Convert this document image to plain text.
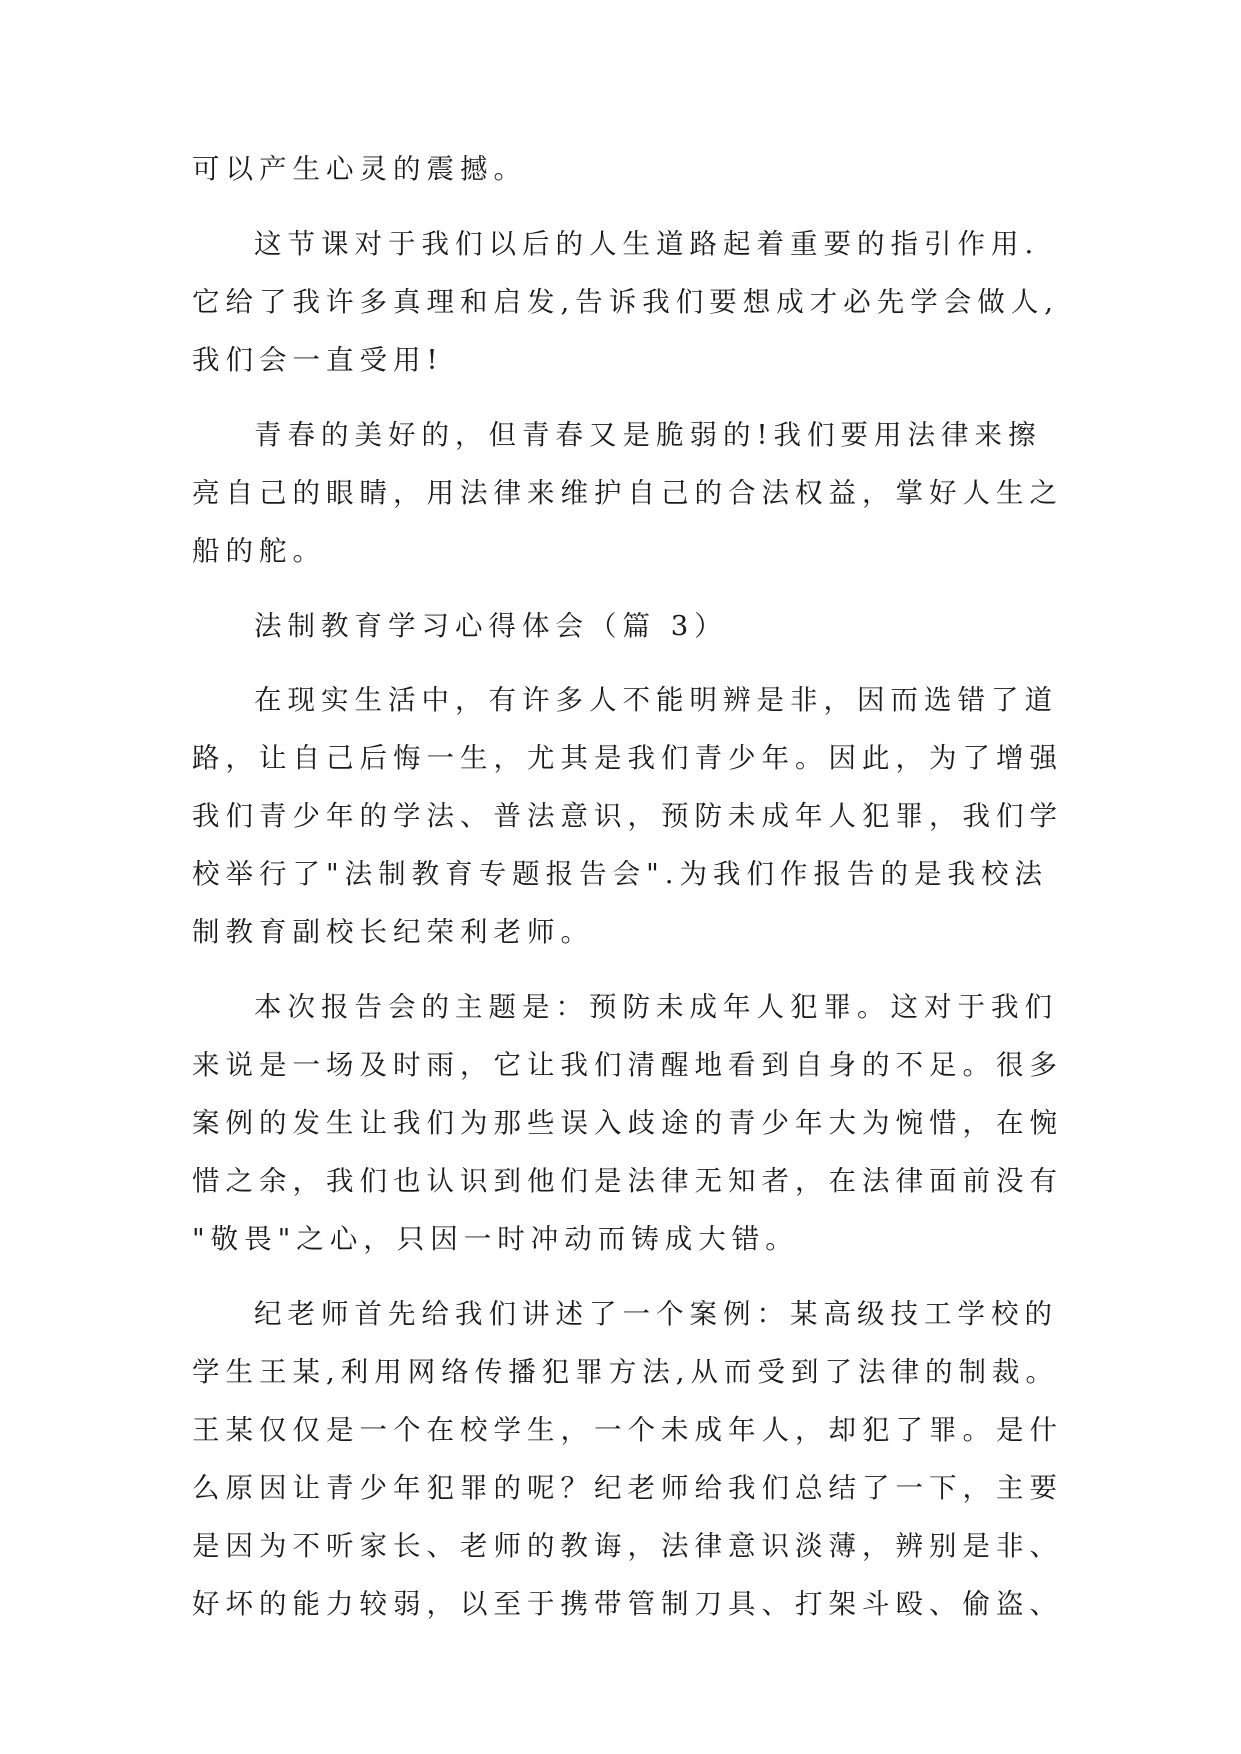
可以产生心灵的震撼。
这节课对于我们以后的人生道路起着重要的指引作用.
它给了我许多真理和启发,告诉我们要想成才必先学会做人,
我们会一直受用!
青春的美好的，但青春又是脆弱的!我们要用法律来擦
亮自己的眼睛，用法律来维护自己的合法权益，掌好人生之
船的舵。
法制教育学习心得体会（篇 3）
在现实生活中，有许多人不能明辨是非，因而选错了道
路，让自己后悔一生，尤其是我们青少年。因此，为了增强
我们青少年的学法、普法意识，预防未成年人犯罪，我们学
校举行了"法制教育专题报告会".为我们作报告的是我校法
制教育副校长纪荣利老师。
本次报告会的主题是：预防未成年人犯罪。这对于我们
来说是一场及时雨，它让我们清醒地看到自身的不足。很多
案例的发生让我们为那些误入歧途的青少年大为惋惜，在惋
惜之余，我们也认识到他们是法律无知者，在法律面前没有
"敬畏"之心，只因一时冲动而铸成大错。
纪老师首先给我们讲述了一个案例：某高级技工学校的
学生王某,利用网络传播犯罪方法,从而受到了法律的制裁。
王某仅仅是一个在校学生，一个未成年人，却犯了罪。是什
么原因让青少年犯罪的呢？纪老师给我们总结了一下，主要
是因为不听家长、老师的教诲，法律意识淡薄，辨别是非、
好坏的能力较弱，以至于携带管制刀具、打架斗殴、偷盗、
